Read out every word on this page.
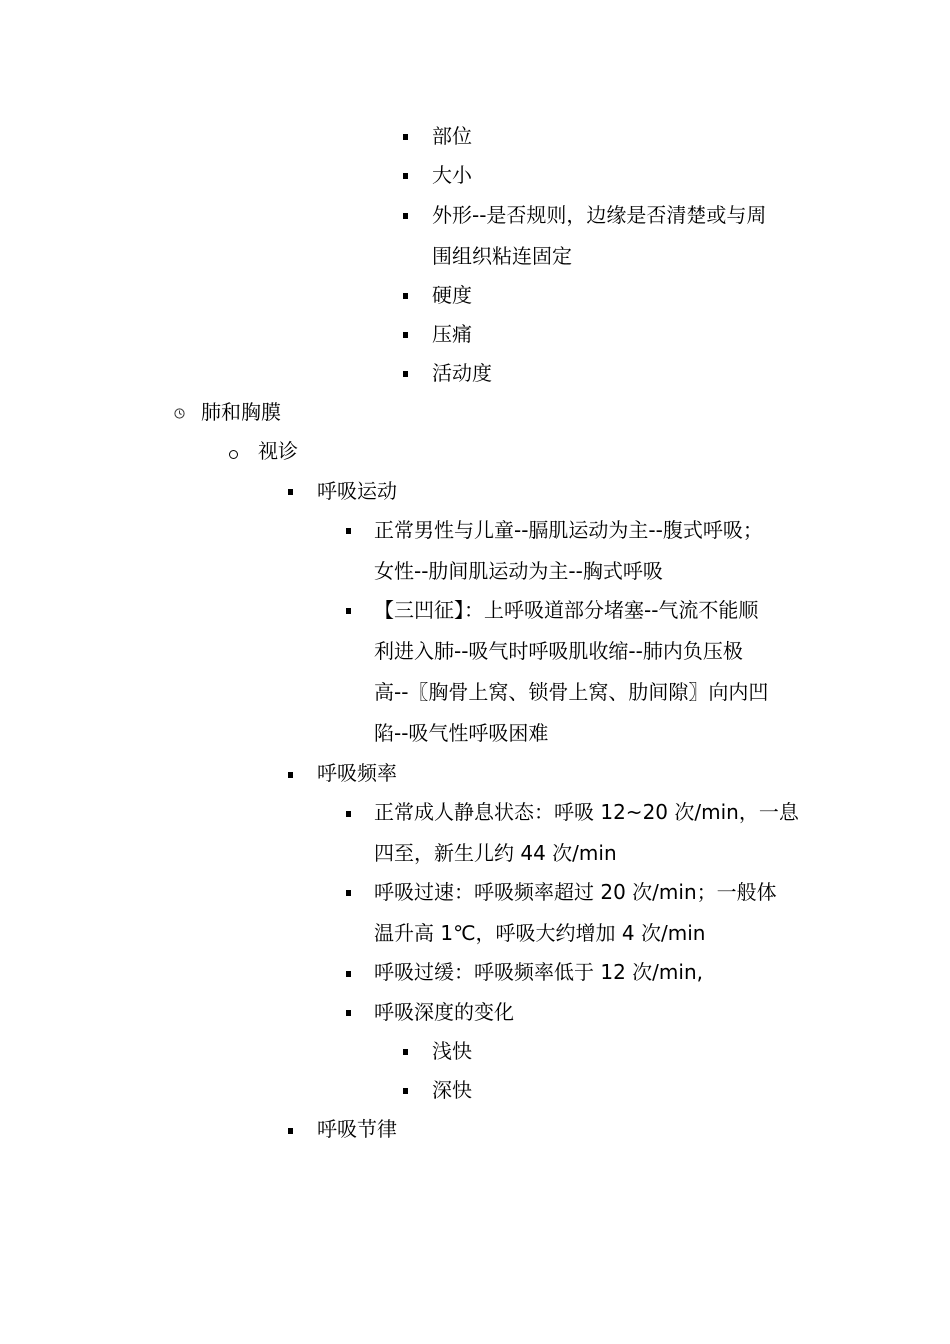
部位
大小
外形--是否规则，边缘是否清楚或与周
围组织粘连固定
硬度
压痛
活动度
肺和胸膜
视诊
呼吸运动
正常男性与儿童--膈肌运动为主--腹式呼吸；
女性--肋间肌运动为主--胸式呼吸
【三凹征】：上呼吸道部分堵塞--气流不能顺
利进入肺--吸气时呼吸肌收缩--肺内负压极
高--〖胸骨上窝、锁骨上窝、肋间隙〗向内凹
陷--吸气性呼吸困难
呼吸频率
正常成人静息状态：呼吸 12~20 次/min，一息
四至，新生儿约 44 次/min
呼吸过速：呼吸频率超过 20 次/min；一般体
温升高 1℃，呼吸大约增加 4 次/min
呼吸过缓：呼吸频率低于 12 次/min,
呼吸深度的变化
浅快
深快
呼吸节律
